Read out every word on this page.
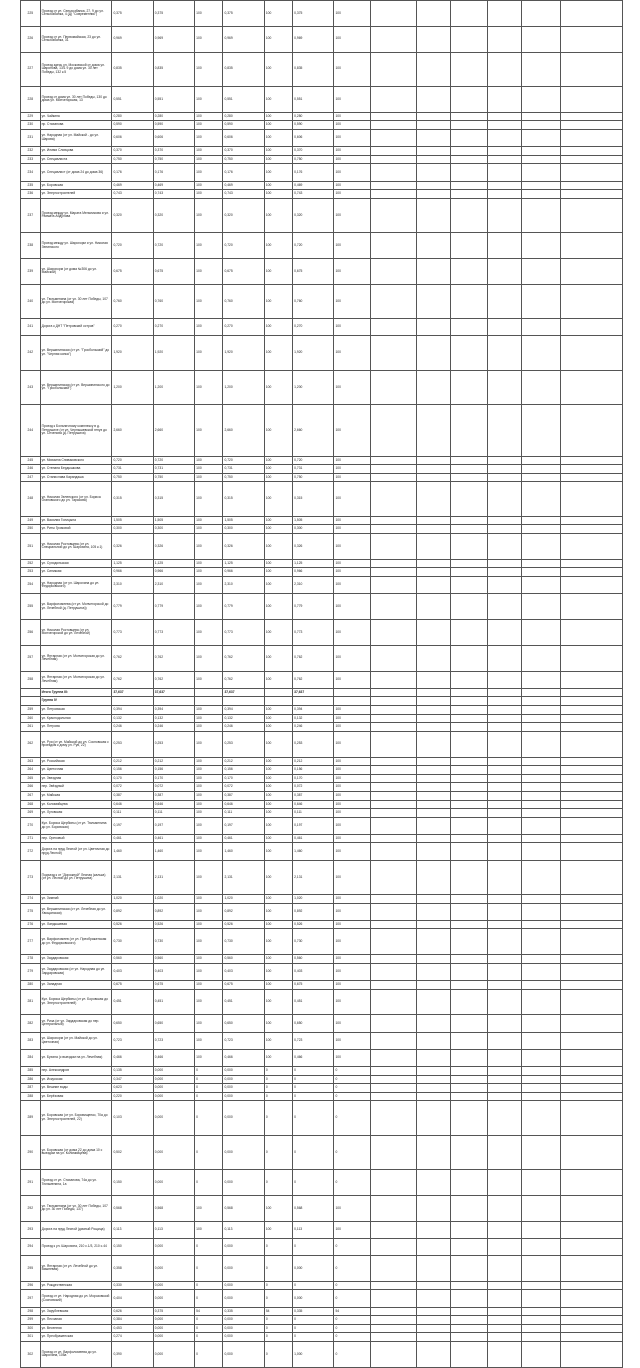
225	Проезд от ул. Сельхозбанка, 27, 9 до ул. Сельхозбанка, 4 (Д) "Современник")	0,375	0,375	100	0,375	100	0,375	100						
226	Проезд от ул. Первомайская, 23 до ул. Сельхозбанка, 31	0,969	0,969	100	0,969	100	0,969	100						
227	Проезд здесь ул. Московской от дома ул. Шаронова, 13/1 9 до дома ул. 30 лет Победы, 132 к.5	0,835	0,835	100	0,835	100	0,835	100						
228	Проезд от дома ул. 30 лет Победы, 130 до дома ул. Мончегорская, 13	0,551	0,551	100	0,551	100	0,551	100						
229	ул. Чайкина	0,280	0,280	100	0,280	100	0,280	100						
230	пр. Стаханова	0,590	0,590	100	0,590	100	0,590	100						
231	ул. Народная (от ул. Майской - до ул. Шарова)	0,606	0,606	100	0,606	100	0,606	100						
232	ул. Илими Словцова	0,370	0,370	100	0,370	100	0,370	100						
233	ул. Специалиста	0,750	0,750	100	0,750	100	0,750	100						
234	ул. Специалист (от дома 24 до дома 36)	0,176	0,176	100	0,176	100	0,176	100						
235	ул. Боровская	0,469	0,469	100	0,469	100	0,469	100						
236	ул. Энергостроителей	0,743	0,743	100	0,743	100	0,743	100						
237	Проезд между ул. Марата Мельникова и ул. Рахмата Абдулова	0,320	0,320	100	0,320	100	0,320	100						
238	Проезд между ул. Шарохорм и ул. Николая Зелинского	0,720	0,720	100	0,720	100	0,720	100						
239	ул. Шарохорм (от дома №306 до ул. Майской)	0,675	0,675	100	0,675	100	0,675	100						
240	ул. Тюльменина (от ул. 30 лет Победы, 107 до ул. Мончегорская)	0,760	0,760	100	0,760	100	0,760	100						
241	Дорога к ДНТ "Петровский остров"	0,270	0,270	100	0,270	100	0,270	100						
242	ул. Вершининская (от ул. "Гросбольский" до ул. "Черная копка")	1,920	1,920	100	1,920	100	1,920	100						
243	ул. Вершининская (от ул. Вершининского до ул. "Гросбольский")	1,200	1,200	100	1,200	100	1,200	100						
244	Проезд к Больничному комплексу в д. Петрушихе (от ул. Чернышевской генуэ до ул. Сеченова (д. Петрушиха)	2,660	2,660	100	2,660	100	2,660	100						
245	ул. Михаила Спиваковского	0,720	0,720	100	0,720	100	0,720	100						
246	ул. Степана Бердышкова	0,731	0,731	100	0,731	100	0,731	100						
247	ул. Станислава Карандаша	0,750	0,750	100	0,750	100	0,750	100						
248	ул. Николая Зеленского (от ул. Бориса Огановского до ул. Тарасова)	0,315	0,315	100	0,315	100	0,315	100						
249	ул. Василия Голицына	1,505	1,505	100	1,505	100	1,505	100						
250	ул. Риты Громовой	0,300	0,300	100	0,300	100	0,300	100						
251	ул. Николая Ростовцева (от ул. Специальной до ул. Шарохина, 105 к.1)	0,326	0,326	100	0,326	100	0,326	100						
252	ул. Сухидольская	1,125	1,125	100	1,125	100	1,125	100						
253	ул. Синиккая	0,966	0,966	100	0,966	100	0,966	100						
254	ул. Народная (от ул. Шарохина до ул. Федорковского)	2,310	2,310	100	2,310	100	2,310	100						
255	ул. Варфоломеева (от ул. Мончегорской до ул. Лечебной (д. Петрушиха))	0,779	0,779	100	0,779	100	0,779	100						
256	ул. Николая Ростовцева (от ул. Мончегорской до ул. Лечебной)	0,773	0,773	100	0,773	100	0,773	100						
257	ул. Янтарная (от ул. Мончегорская до ул. Лечебная)	0,762	0,762	100	0,762	100	0,762	100						
258	ул. Янтарная (от ул. Мончегорская до ул. Лечебная)	0,762	0,762	100	0,762	100	0,762	100						
	Итого Группа III:	37,637	37,637		37,637		37,637							
	Группа IV													
259	ул. Петровская	0,394	0,394	100	0,394	100	0,394	100						
260	ул. Краснодольная	0,132	0,132	100	0,132	100	0,132	100						
261	ул. Петрова	0,246	0,246	100	0,246	100	0,246	100						
262	ул. Руя (от ул. Майской до ул. Сосновская с проездом к дому ул. Руя, 22)	0,253	0,253	100	0,253	100	0,253	100						
263	ул. Российская	0,212	0,212	100	0,212	100	0,212	100						
264	ул. Цветочная	0,156	0,156	100	0,156	100	0,156	100						
265	ул. Звездная	0,170	0,170	100	0,170	100	0,170	100						
266	пер. Звёздный	0,072	0,072	100	0,072	100	0,072	100						
267	ул. Майская	0,387	0,387	100	0,387	100	0,387	100						
268	ул. Коломийцева	0,646	0,646	100	0,646	100	0,646	100						
269	ул. Луговская	0,111	0,111	100	0,111	100	0,111	100						
270	Кул. Бориса Щербины (от ул. Тюльменина до ул. Боровская)	0,197	0,197	100	0,197	100	0,197	100						
271	пер. Ореховый	0,461	0,461	100	0,461	100	0,461	100						
272	Дорога на пруд Лесной (от ул. Цветочная до пруд Лесной)	1,460	1,460	100	1,460	100	1,460	100						
273	Подъезд к от "Дорожной" Лесная (калька) (от ул. Лесной до ул. Петрушиха)	2,131	2,131	100	2,131	100	2,131	100						
274	ул. Зимний	1,020	1,020	100	1,020	100	1,020	100						
275	ул. Вершининская (от ул. Лечебная до ул. Хвощанская)	0,892	0,892	100	0,892	100	0,892	100						
276	ул. Ландышевая	0,526	0,526	100	0,526	100	0,526	100						
277	ул. Варфоломеев (от ул. Преображенская до ул. Федорковского)	0,730	0,730	100	0,730	100	0,730	100						
278	ул. Зардаровская	0,560	0,560	100	0,560	100	0,560	100						
279	ул. Зардаровская (от ул. Народная до ул. Зардаровская)	0,403	0,403	100	0,403	100	0,403	100						
280	ул. Западная	0,675	0,675	100	0,675	100	0,675	100						
281	Кул. Бориса Щербины (от ул. Боровская до ул. Энергостроителей)	0,451	0,451	100	0,451	100	0,451	100						
282	ул. Риза (от ул. Зардаровская до пер. Центральный)	0,650	0,650	100	0,650	100	0,650	100						
283	ул. Шарохорм (от ул. Майской до ул. Цветочная)	0,723	0,723	100	0,723	100	0,723	100						
284	ул. Бухина (с выездом на ул. Лечебная)	0,466	0,466	100	0,466	100	0,466	100						
285	пер. Александров	0,135	0,000	0	0,000	0	0	0						
286	ул. Искусская	0,347	0,000	0	0,000	0	0	0						
287	ул. Вешние воды	0,623	0,000	0	0,000	0	0	0						
288	ул. Берёзовая	0,220	0,000	0	0,000	0	0	0						
289	ул. Боровская (от ул. Боровищенко, 70а до ул. Энергостроителей, 22)	0,103	0,000	0	0,000	0	0	0						
290	ул. Боровская (от дома 22 до дома 10 с выездом на ул. Коломийцева)	0,502	0,000	0	0,000	0	0	0						
291	Проезд от ул. Стаханова, 74а до ул. Тюльменина, 1а	0,150	0,000	0	0,000	0	0	0						
292	ул. Тюльменина (от ул. 30 лет Победы, 107 до ул. 30 лет Победы, 137)	0,568	0,568	100	0,568	100	0,568	100						
293	Дорога на пруд Лесной (дачный Рощица)	0,113	0,113	100	0,113	100	0,113	100						
294	Проезд к ул. Шарохина, 210 с.1/3, 210 с.44	0,150	0,000	0	0,000	0	0	0						
295	ул. Янтарная (от ул. Лечебной до ул. Вишневая)	0,358	0,000	0	0,000	0	0,000	0						
296	ул. Рождественская	0,330	0,000	0	0,000	0	0	0						
297	Проезд от ул. Народная до ул. Морозовской (Сосновский)	0,404	0,000	0	0,000	0	0,000	0						
298	ул. Зарублевская	0,626	0,375	54	0,335	54	0,335	54						
299	ул. Песчаная	0,384	0,000	0	0,000	0	0	0						
300	ул. Весенняя	0,453	0,000	0	0,000	0	0	0						
301	ул. Преображенская	0,274	0,000	0	0,000	0	0	0						
302	Проезд от ул. Варфоломеева до ул. Шарохина, 105а	0,390	0,000	0	0,000	0	1,000	0						
